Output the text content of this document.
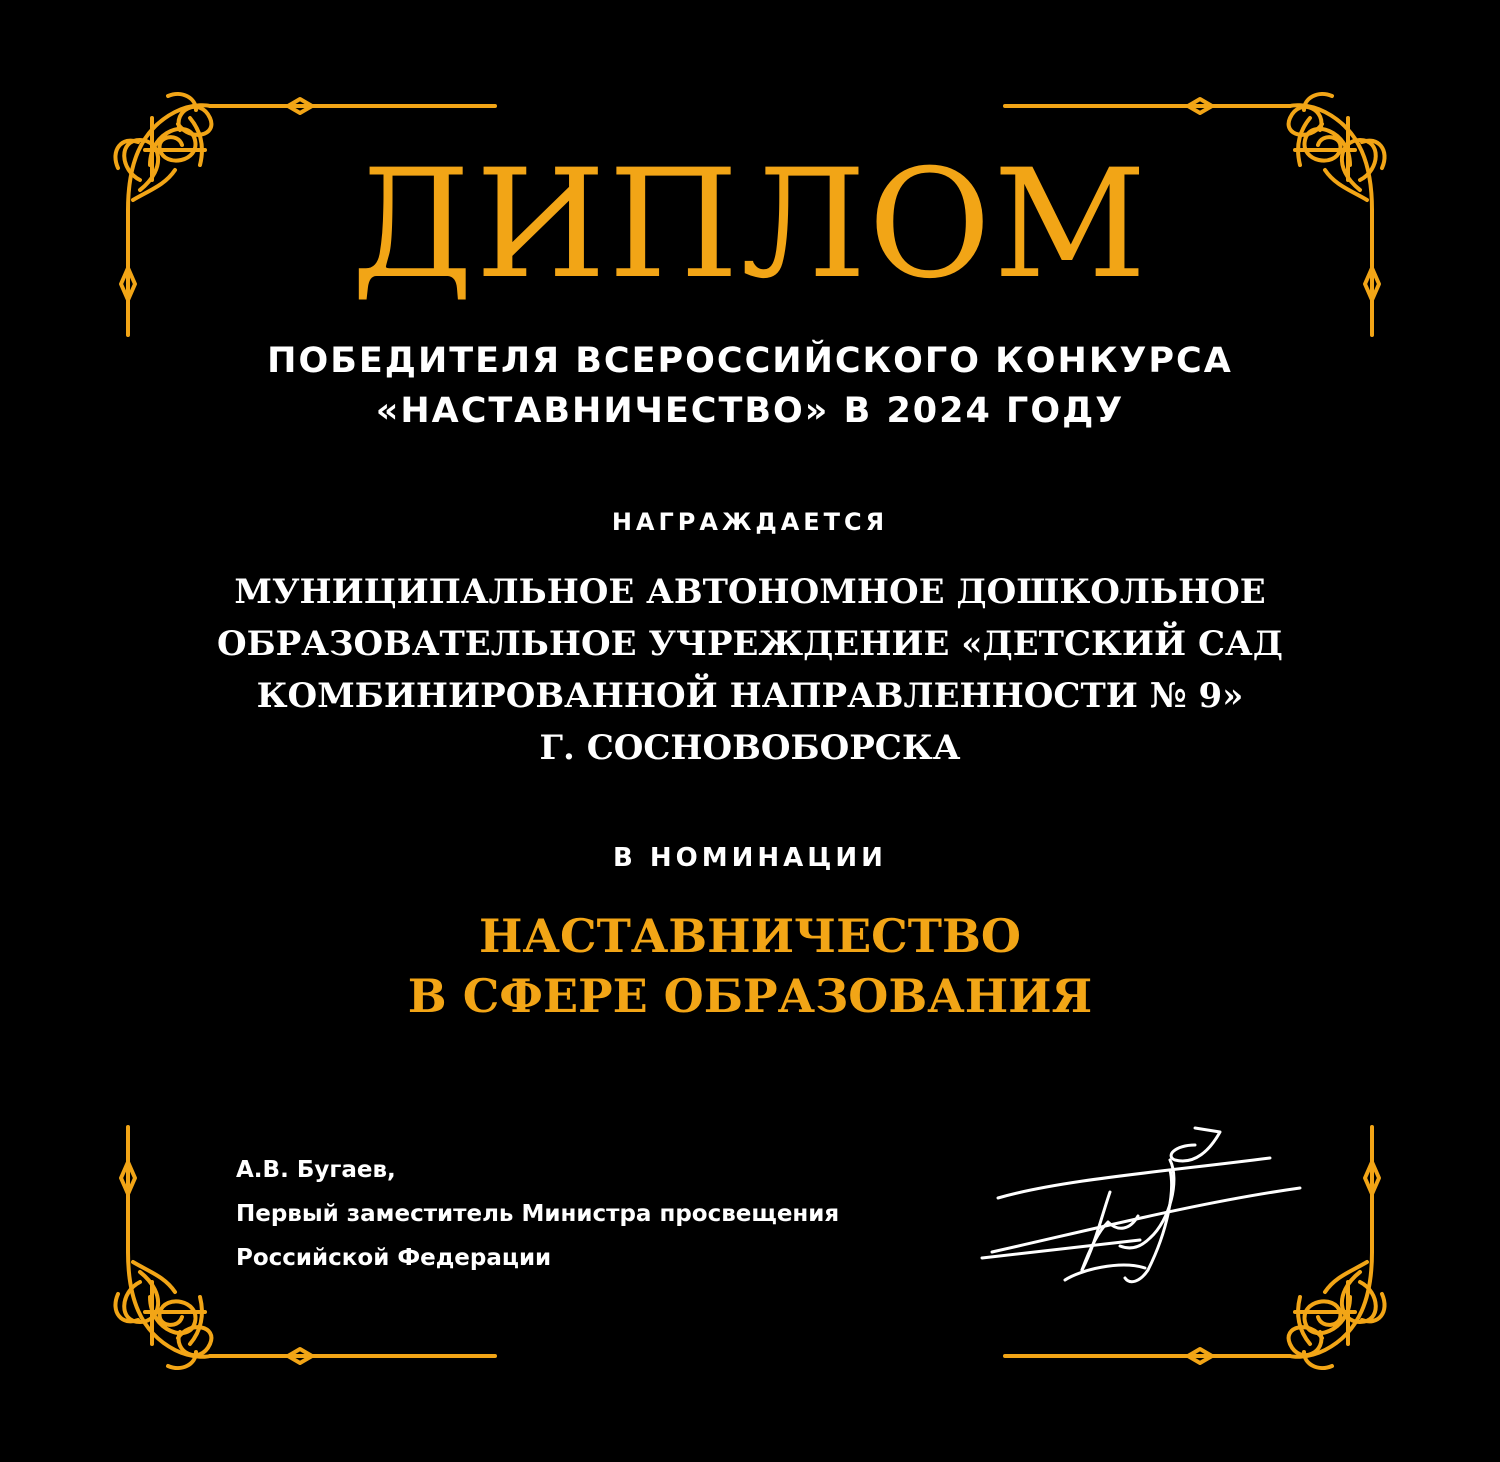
ДИПЛОМ
ПОБЕДИТЕЛЯ ВСЕРОССИЙСКОГО КОНКУРСА
«НАСТАВНИЧЕСТВО» В 2024 ГОДУ
НАГРАЖДАЕТСЯ
МУНИЦИПАЛЬНОЕ АВТОНОМНОЕ ДОШКОЛЬНОЕ
ОБРАЗОВАТЕЛЬНОЕ УЧРЕЖДЕНИЕ «ДЕТСКИЙ САД
КОМБИНИРОВАННОЙ НАПРАВЛЕННОСТИ № 9»
Г. СОСНОВОБОРСКА
В НОМИНАЦИИ
НАСТАВНИЧЕСТВО
В СФЕРЕ ОБРАЗОВАНИЯ
А.В. Бугаев,
Первый заместитель Министра просвещения
Российской Федерации
